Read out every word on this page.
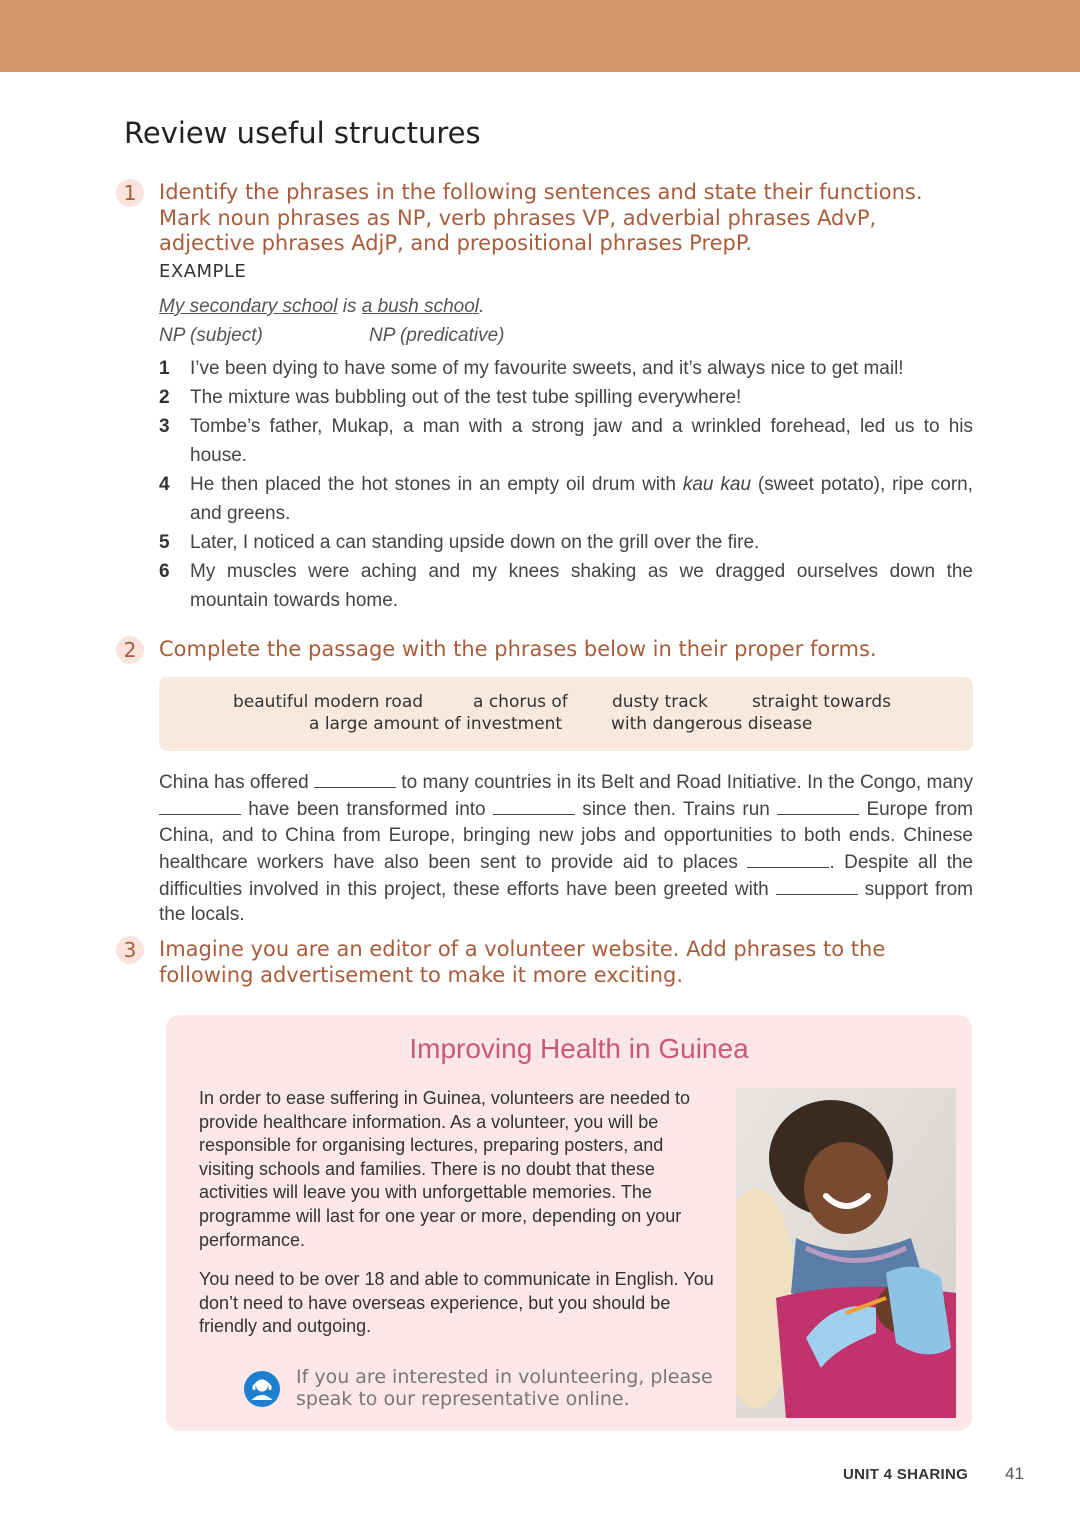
Review useful structures
1	Identify the phrases in the following sentences and state their functions. Mark noun phrases as NP, verb phrases VP, adverbial phrases AdvP, adjective phrases AdjP, and prepositional phrases PrepP.

EXAMPLE
My secondary school is a bush school.
NP (subject)	NP (predicative)
1	I’ve been dying to have some of my favourite sweets, and it’s always nice to get mail!
2	The mixture was bubbling out of the test tube spilling everywhere!
3	Tombe’s father, Mukap, a man with a strong jaw and a wrinkled forehead, led us to his house.
4	He then placed the hot stones in an empty oil drum with kau kau (sweet potato), ripe corn, and greens.
5	Later, I noticed a can standing upside down on the grill over the fire.
6	My muscles were aching and my knees shaking as we dragged ourselves down the mountain towards home.
2	Complete the passage with the phrases below in their proper forms.

beautiful modern road	a chorus of	dusty track	straight towards
a large amount of investment	with dangerous disease

China has offered	to many countries in its Belt and Road Initiative. In the Congo, many  have been transformed into	since then. Trains run	Europe from China, and to China from Europe, bringing new jobs and opportunities to both ends. Chinese healthcare workers have also been sent to provide aid to places	. Despite all the difficulties involved in this project, these efforts have been greeted with	support from the locals.

3	Imagine you are an editor of a volunteer website. Add phrases to the following advertisement to make it more exciting.

Improving Health in Guinea

In order to ease suffering in Guinea, volunteers are needed to provide healthcare information. As a volunteer, you will be responsible for organising lectures, preparing posters, and visiting schools and families. There is no doubt that these activities will leave you with unforgettable memories. The programme will last for one year or more, depending on your performance.

You need to be over 18 and able to communicate in English. You don’t need to have overseas experience, but you should be friendly and outgoing.

If you are interested in volunteering, please speak to our representative online.

UNIT 4 SHARING 41
